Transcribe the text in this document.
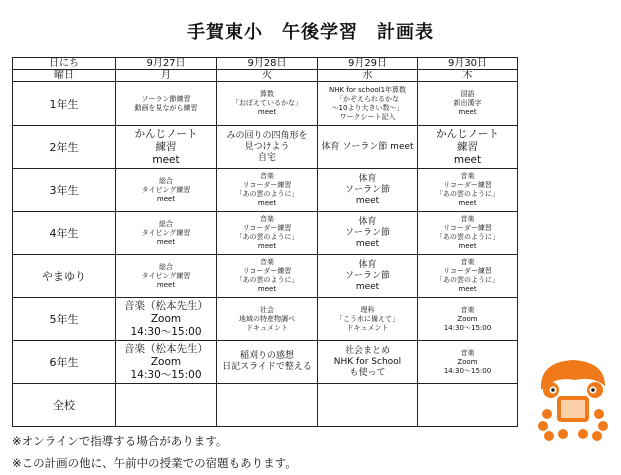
手賀東小　午後学習　計画表
日にち	9月27日	9月28日	9月29日	9月30日
曜日	月	火	水	木
1年生	ソーラン節練習
動画を見ながら練習	算数
「おぼえているかな」
meet	NHK for school1年算数
「かぞえられるかな
〜10より大きい数〜」
ワークシート記入	国語
新出漢字
meet

2年生	かんじノート
練習
meet	みの回りの四角形を
見つけよう
自宅	体育 ソーラン節 meet	かんじノート
練習
meet

3年生	総合
タイピング練習
meet	音楽
リコーダー練習
「あの雲のように」
meet	体育
ソーラン節
meet	音楽
リコーダー練習
「あの雲のように」
meet

4年生	総合
タイピング練習
meet	音楽
リコーダー練習
「あの雲のように」
meet	体育
ソーラン節
meet	音楽
リコーダー練習
「あの雲のように」
meet

やまゆり	総合
タイピング練習
meet	音楽
リコーダー練習
「あの雲のように」
meet	体育
ソーラン節
meet	音楽
リコーダー練習
「あの雲のように」
meet

5年生	音楽（松本先生）
Zoom
14:30〜15:00	社会
地域の特産物調べ
ドキュメント	理科
「こう水に備えて」
ドキュメント	音楽
Zoom
14:30〜15:00

6年生	音楽（松本先生）
Zoom
14:30〜15:00	稲刈りの感想
日記スライドで整える	社会まとめ
NHK for School
も使って	音楽
Zoom
14:30〜15:00

全校	

※オンラインで指導する場合があります。
※この計画の他に、午前中の授業での宿題もあります。
